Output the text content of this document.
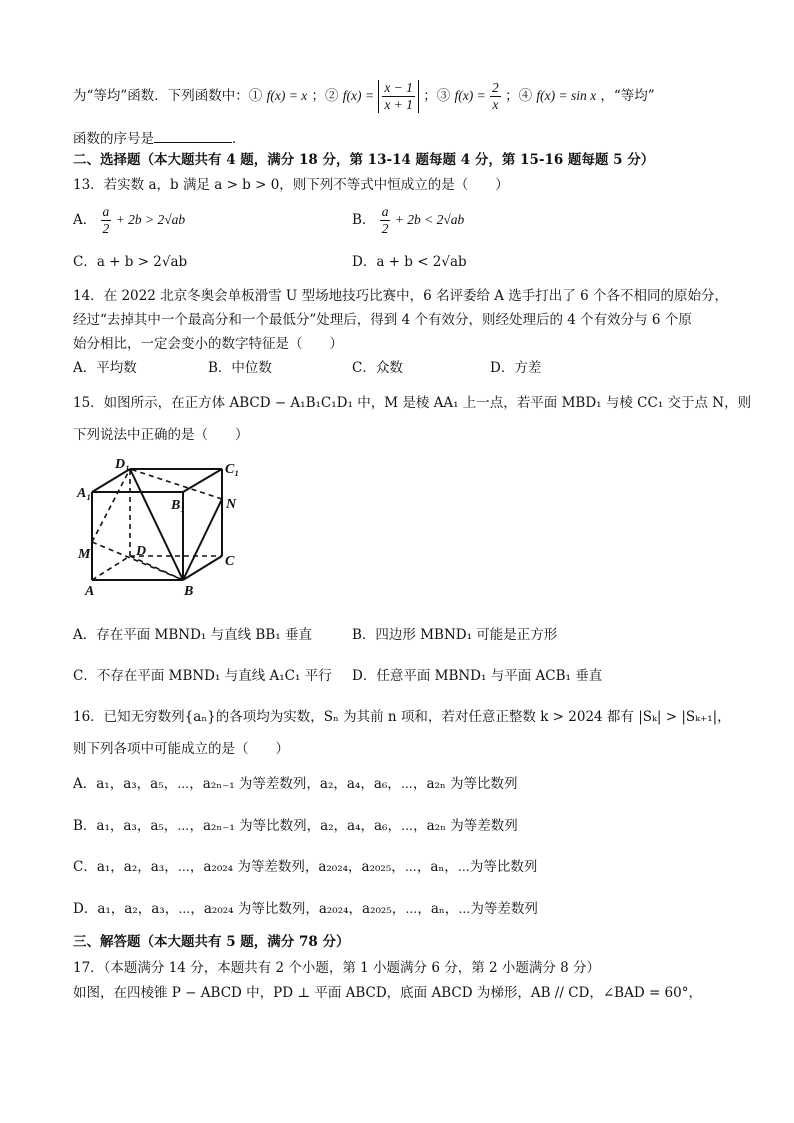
为“等均”函数．下列函数中：① f(x) = x ；② $f(x) = \frac{x - 1}{x + 1}$ ；③ $f(x) = \frac{2}{x}$ ；④ f(x) = sin x ，“等均”
函数的序号是	．
二、选择题（本大题共有 4 题，满分 18 分，第 13-14 题每题 4 分，第 15-16 题每题 5 分）
13．若实数 a，b 满足 a > b > 0，则下列不等式中恒成立的是（　　）
A． $\frac{a}{2} + 2b > 2√ab$	B． $\frac{a}{2} + 2b < 2√ab$
C．a + b > 2√ab	D．a + b < 2√ab
14．在 2022 北京冬奥会单板滑雪 U 型场地技巧比赛中，6 名评委给 A 选手打出了 6 个各不相同的原始分，
经过“去掉其中一个最高分和一个最低分”处理后，得到 4 个有效分，则经处理后的 4 个有效分与 6 个原
始分相比，一定会变小的数字特征是（　　）
A．平均数	B．中位数	C．众数	D．方差
15．如图所示，在正方体 ABCD − A₁B₁C₁D₁ 中，M 是棱 AA₁ 上一点，若平面 MBD₁ 与棱 CC₁ 交于点 N，则
下列说法中正确的是（　　）
D₁	C₁
A₁
B₁	N
M	D
C
A	B
A．存在平面 MBND₁ 与直线 BB₁ 垂直	B．四边形 MBND₁ 可能是正方形
C．不存在平面 MBND₁ 与直线 A₁C₁ 平行 D．任意平面 MBND₁ 与平面 ACB₁ 垂直
16．已知无穷数列{aₙ}的各项均为实数，Sₙ 为其前 n 项和，若对任意正整数 k > 2024 都有 |Sₖ| > |Sₖ₊₁|，
则下列各项中可能成立的是（　　）
A．a₁，a₃，a₅，⋯，a₂ₙ₋₁ 为等差数列，a₂，a₄，a₆，⋯，a₂ₙ 为等比数列
B．a₁，a₃，a₅，⋯，a₂ₙ₋₁ 为等比数列，a₂，a₄，a₆，⋯，a₂ₙ 为等差数列
C．a₁，a₂，a₃，⋯，a₂₀₂₄ 为等差数列，a₂₀₂₄，a₂₀₂₅，⋯，aₙ，⋯为等比数列
D．a₁，a₂，a₃，⋯，a₂₀₂₄ 为等比数列，a₂₀₂₄，a₂₀₂₅，⋯，aₙ，⋯为等差数列
三、解答题（本大题共有 5 题，满分 78 分）
17．（本题满分 14 分，本题共有 2 个小题，第 1 小题满分 6 分，第 2 小题满分 8 分）
如图，在四棱锥 P − ABCD 中，PD ⊥ 平面 ABCD，底面 ABCD 为梯形，AB // CD，∠BAD = 60°，
